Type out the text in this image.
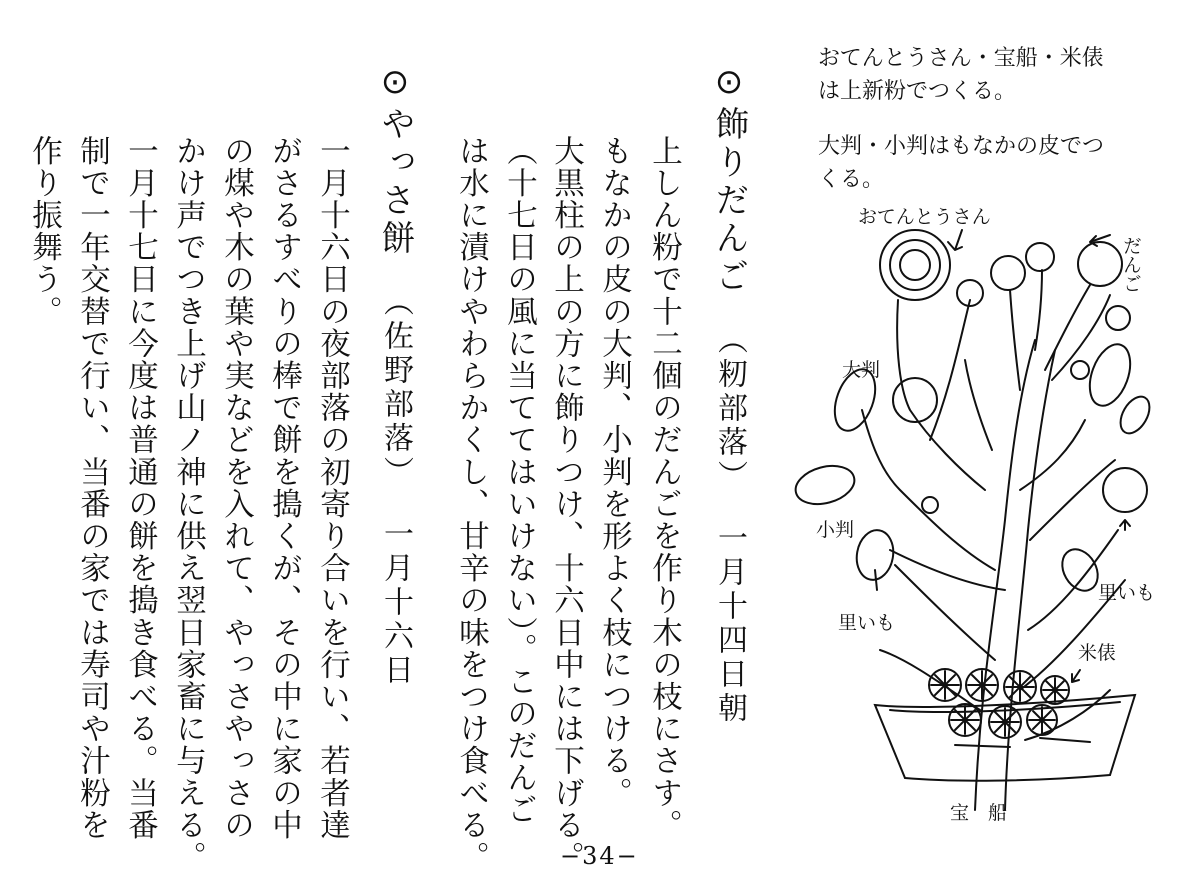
⊙飾りだんご（籾部落）一月十四日朝
上しん粉で十二個のだんごを作り木の枝にさす。
もなかの皮の大判、小判を形よく枝につける。
大黒柱の上の方に飾りつけ、十六日中には下げる。
（十七日の風に当ててはいけない）。このだんご
は水に漬けやわらかくし、甘辛の味をつけ食べる。
⊙やっさ餅（佐野部落）一月十六日
一月十六日の夜部落の初寄り合いを行い、若者達
がさるすべりの棒で餅を搗くが、その中に家の中
の煤や木の葉や実などを入れて、やっさやっさの
かけ声でつき上げ山ノ神に供え翌日家畜に与える。
一月十七日に今度は普通の餅を搗き食べる。当番
制で一年交替で行い、当番の家では寿司や汁粉を
作り振舞う。
おてんとうさん・宝船・米俵
は上新粉でつくる。
大判・小判はもなかの皮でつ
くる。
おてんとうさん
だんご
大判
小判
里いも
里いも
米俵
宝　船
−34−
